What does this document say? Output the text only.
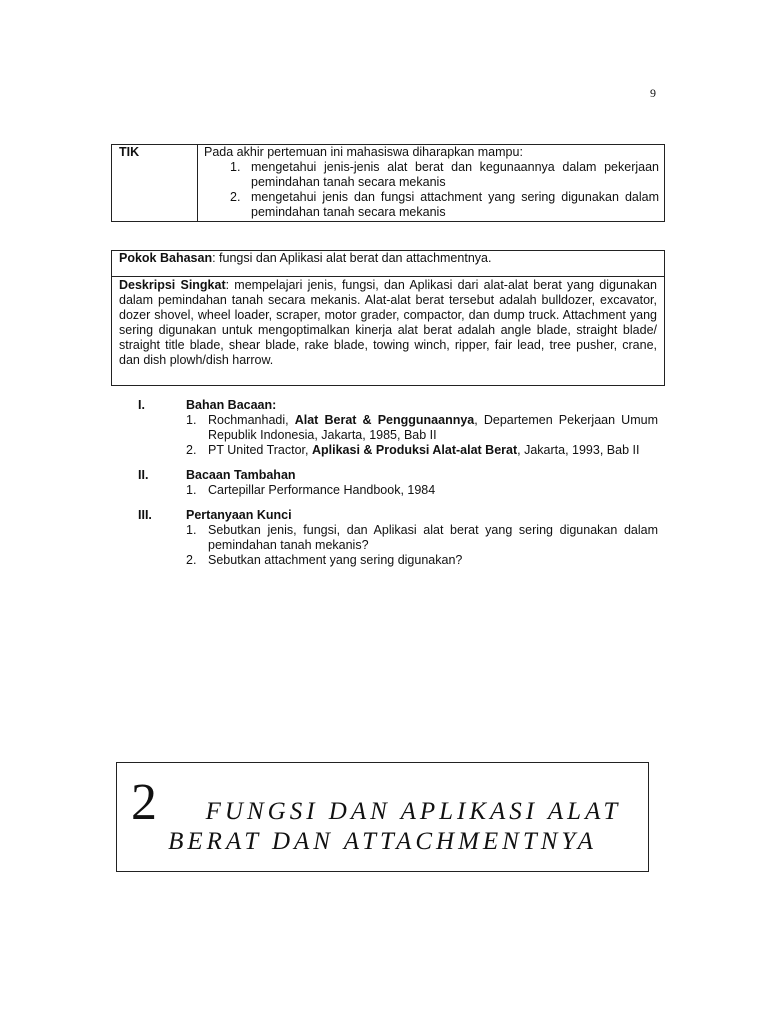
9
TIK	Pada akhir pertemuan ini mahasiswa diharapkan mampu:
1. mengetahui jenis-jenis alat berat dan kegunaannya dalam pekerjaan pemindahan tanah secara mekanis
2. mengetahui jenis dan fungsi attachment yang sering digunakan dalam pemindahan tanah secara mekanis
Pokok Bahasan: fungsi dan Aplikasi alat berat dan attachmentnya.
Deskripsi Singkat: mempelajari jenis, fungsi, dan Aplikasi dari alat-alat berat yang digunakan dalam pemindahan tanah secara mekanis. Alat-alat berat tersebut adalah bulldozer, excavator, dozer shovel, wheel loader, scraper, motor grader, compactor, dan dump truck. Attachment yang sering digunakan untuk mengoptimalkan kinerja alat berat adalah angle blade, straight blade/ straight title blade, shear blade, rake blade, towing winch, ripper, fair lead, tree pusher, crane, dan dish plowh/dish harrow.
I.	Bahan Bacaan:
1. Rochmanhadi, Alat Berat & Penggunaannya, Departemen Pekerjaan Umum Republik Indonesia, Jakarta, 1985, Bab II
2. PT United Tractor, Aplikasi & Produksi Alat-alat Berat, Jakarta, 1993, Bab II
II.	Bacaan Tambahan
1. Cartepillar Performance Handbook, 1984
III.	Pertanyaan Kunci
1. Sebutkan jenis, fungsi, dan Aplikasi alat berat yang sering digunakan dalam pemindahan tanah mekanis?
2. Sebutkan attachment yang sering digunakan?
2	FUNGSI DAN APLIKASI ALAT
BERAT DAN ATTACHMENTNYA
